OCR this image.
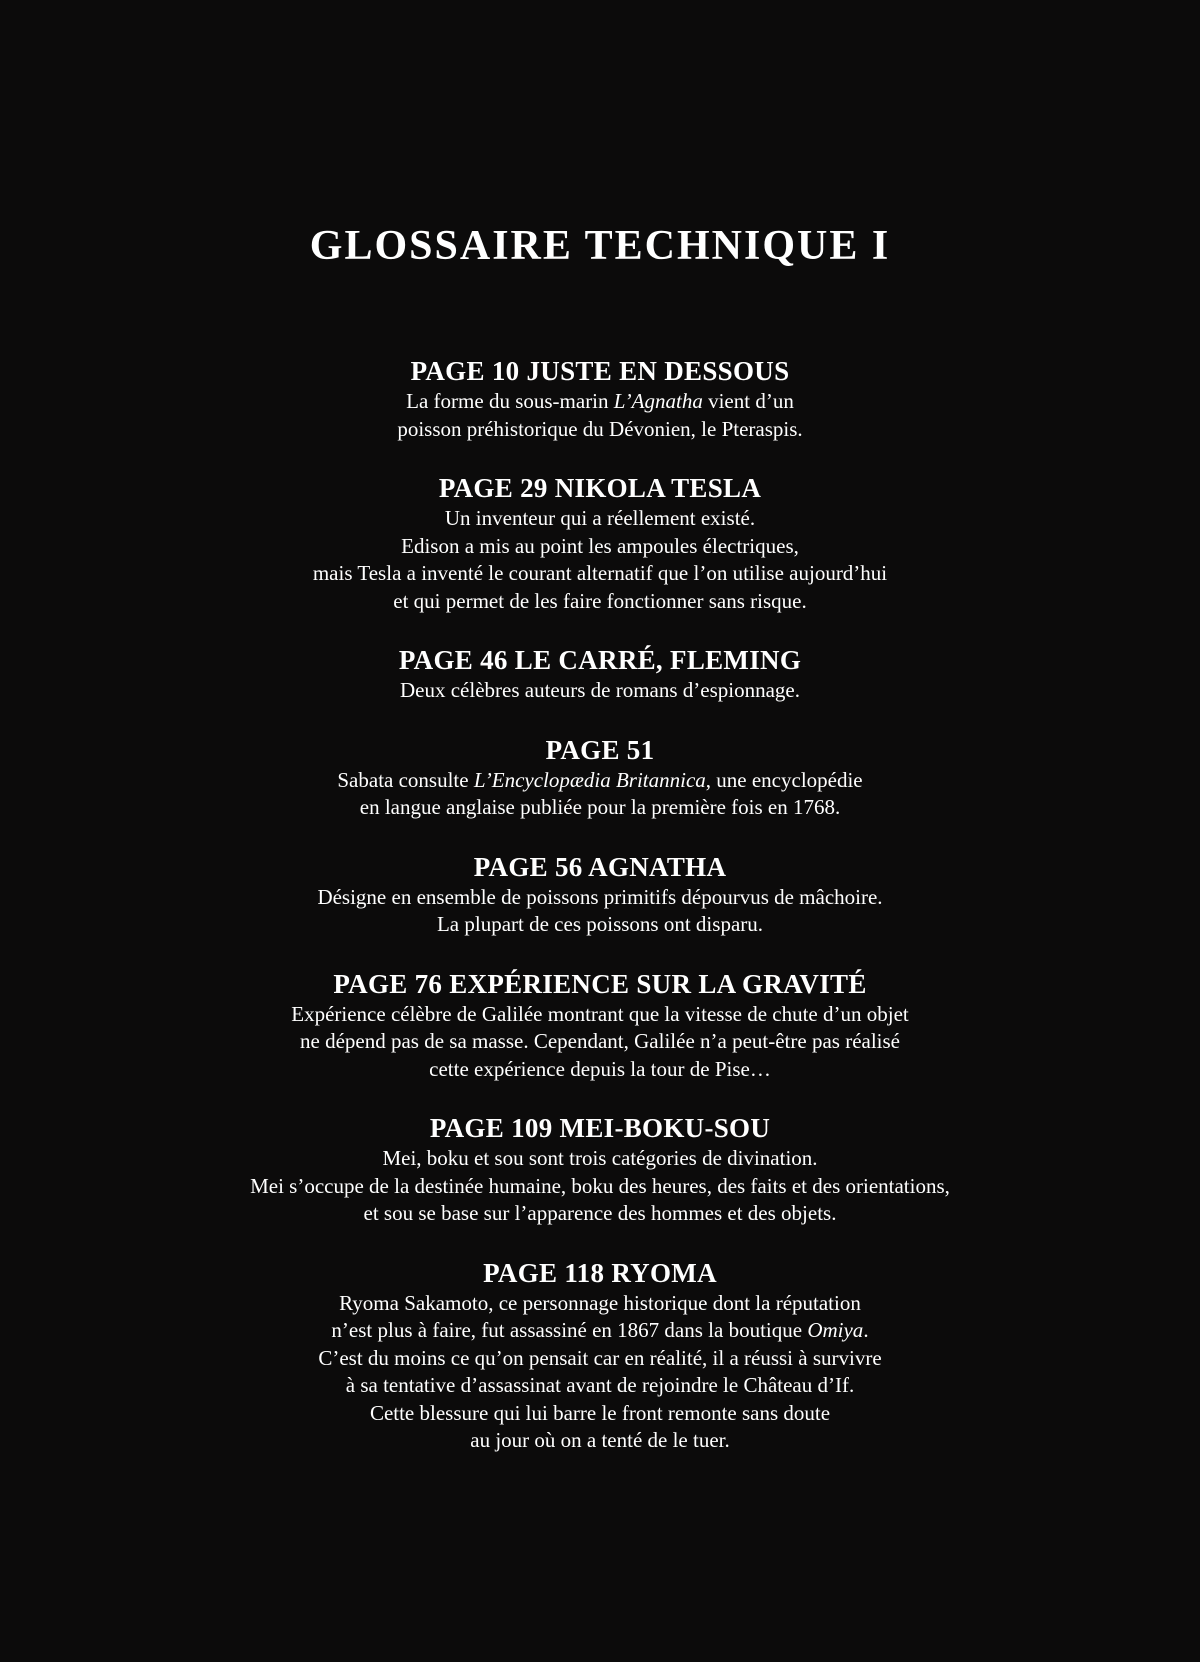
GLOSSAIRE TECHNIQUE I

PAGE 10 JUSTE EN DESSOUS

La forme du sous-marin L’Agnatha vient d’un

poisson préhistorique du Dévonien, le Pteraspis.

PAGE 29 NIKOLA TESLA

Un inventeur qui a réellement existé.

Edison a mis au point les ampoules électriques,

mais Tesla a inventé le courant alternatif que l’on utilise aujourd’hui

et qui permet de les faire fonctionner sans risque.

PAGE 46 LE CARRÉ, FLEMING

Deux célèbres auteurs de romans d’espionnage.

PAGE 51

Sabata consulte L’Encyclopædia Britannica, une encyclopédie

en langue anglaise publiée pour la première fois en 1768.

PAGE 56 AGNATHA

Désigne en ensemble de poissons primitifs dépourvus de mâchoire.

La plupart de ces poissons ont disparu.

PAGE 76 EXPÉRIENCE SUR LA GRAVITÉ

Expérience célèbre de Galilée montrant que la vitesse de chute d’un objet

ne dépend pas de sa masse. Cependant, Galilée n’a peut-être pas réalisé

cette expérience depuis la tour de Pise…

PAGE 109 MEI-BOKU-SOU

Mei, boku et sou sont trois catégories de divination.

Mei s’occupe de la destinée humaine, boku des heures, des faits et des orientations,

et sou se base sur l’apparence des hommes et des objets.

PAGE 118 RYOMA

Ryoma Sakamoto, ce personnage historique dont la réputation

n’est plus à faire, fut assassiné en 1867 dans la boutique Omiya.

C’est du moins ce qu’on pensait car en réalité, il a réussi à survivre

à sa tentative d’assassinat avant de rejoindre le Château d’If.

Cette blessure qui lui barre le front remonte sans doute

au jour où on a tenté de le tuer.
